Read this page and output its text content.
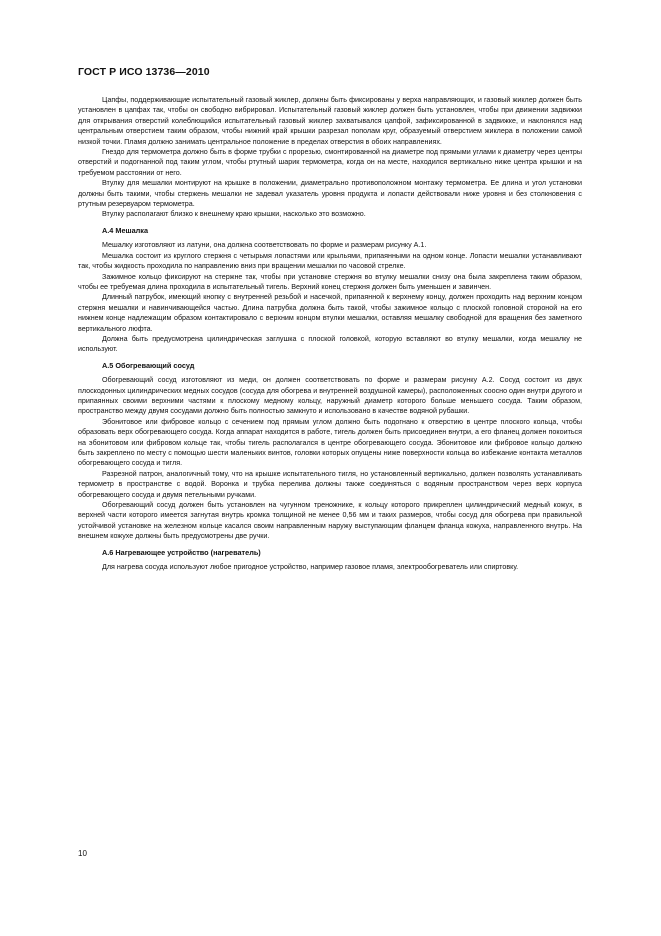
ГОСТ Р ИСО 13736—2010

Цапфы, поддерживающие испытательный газовый жиклер, должны быть фиксированы у верха направляющих, и газовый жиклер должен быть установлен в цапфах так, чтобы он свободно вибрировал. Испытательный газовый жиклер должен быть установлен, чтобы при движении задвижки для открывания отверстий колеблющийся испытательный газовый жиклер захватывался цапфой, зафиксированной в задвижке, и наклонялся над центральным отверстием таким образом, чтобы нижний край крышки разрезал пополам круг, образуемый отверстием жиклера в положении самой низкой точки. Пламя должно занимать центральное положение в пределах отверстия в обоих направлениях.

Гнездо для термометра должно быть в форме трубки с прорезью, смонтированной на диаметре под прямыми углами к диаметру через центры отверстий и подогнанной под таким углом, чтобы ртутный шарик термометра, когда он на месте, находился вертикально ниже центра крышки и на требуемом расстоянии от него.

Втулку для мешалки монтируют на крышке в положении, диаметрально противоположном монтажу термометра. Ее длина и угол установки должны быть такими, чтобы стержень мешалки не задевал указатель уровня продукта и лопасти действовали ниже уровня и без столкновения с ртутным резервуаром термометра.

Втулку располагают близко к внешнему краю крышки, насколько это возможно.

А.4 Мешалка

Мешалку изготовляют из латуни, она должна соответствовать по форме и размерам рисунку А.1.

Мешалка состоит из круглого стержня с четырьмя лопастями или крыльями, припаянными на одном конце. Лопасти мешалки устанавливают так, чтобы жидкость проходила по направлению вниз при вращении мешалки по часовой стрелке.

Зажимное кольцо фиксируют на стержне так, чтобы при установке стержня во втулку мешалки снизу она была закреплена таким образом, чтобы ее требуемая длина проходила в испытательный тигель. Верхний конец стержня должен быть уменьшен и завинчен.

Длинный патрубок, имеющий кнопку с внутренней резьбой и насечкой, припаянной к верхнему концу, должен проходить над верхним концом стержня мешалки и навинчивающейся частью. Длина патрубка должна быть такой, чтобы зажимное кольцо с плоской головной стороной на его нижнем конце надлежащим образом контактировало с верхним концом втулки мешалки, оставляя мешалку свободной для вращения без заметного вертикального люфта.

Должна быть предусмотрена цилиндрическая заглушка с плоской головкой, которую вставляют во втулку мешалки, когда мешалку не используют.

А.5 Обогревающий сосуд

Обогревающий сосуд изготовляют из меди, он должен соответствовать по форме и размерам рисунку А.2. Сосуд состоит из двух плоскодонных цилиндрических медных сосудов (сосуда для обогрева и внутренней воздушной камеры), расположенных соосно один внутри другого и припаянных своими верхними частями к плоскому медному кольцу, наружный диаметр которого больше меньшего сосуда. Таким образом, пространство между двумя сосудами должно быть полностью замкнуто и использовано в качестве водяной рубашки.

Эбонитовое или фибровое кольцо с сечением под прямым углом должно быть подогнано к отверстию в центре плоского кольца, чтобы образовать верх обогревающего сосуда. Когда аппарат находится в работе, тигель должен быть присоединен внутри, а его фланец должен покоиться на эбонитовом или фибровом кольце так, чтобы тигель располагался в центре обогревающего сосуда. Эбонитовое или фибровое кольцо должно быть закреплено по месту с помощью шести маленьких винтов, головки которых опущены ниже поверхности кольца во избежание контакта металлов обогревающего сосуда и тигля.

Разрезной патрон, аналогичный тому, что на крышке испытательного тигля, но установленный вертикально, должен позволять устанавливать термометр в пространстве с водой. Воронка и трубка перелива должны также соединяться с водяным пространством через верх корпуса обогревающего сосуда и двумя петельными ручками.

Обогревающий сосуд должен быть установлен на чугунном треножнике, к кольцу которого прикреплен цилиндрический медный кожух, в верхней части которого имеется загнутая внутрь кромка толщиной не менее 0,56 мм и таких размеров, чтобы сосуд для обогрева при правильной устойчивой установке на железном кольце касался своим направленным наружу выступающим фланцем фланца кожуха, направленного внутрь. На внешнем кожухе должны быть предусмотрены две ручки.

А.6 Нагревающее устройство (нагреватель)

Для нагрева сосуда используют любое пригодное устройство, например газовое пламя, электрообогреватель или спиртовку.

10
